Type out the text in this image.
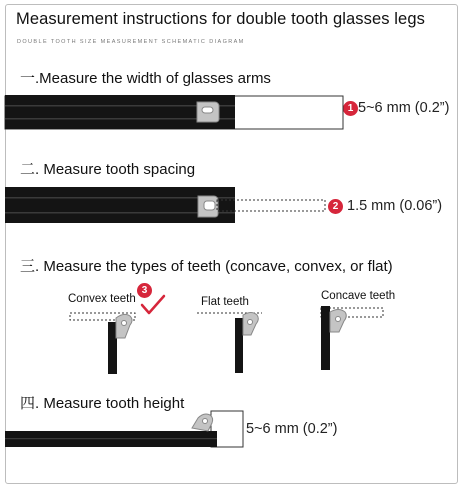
Measurement instructions for double tooth glasses legs
DOUBLE TOOTH SIZE MEASUREMENT SCHEMATIC DIAGRAM
一.Measure the width of glasses arms
1 5~6 mm (0.2”)
二. Measure tooth spacing
2 1.5 mm (0.06”)
三. Measure the types of teeth (concave, convex, or flat)
3
Convex teeth	Flat teeth	Concave teeth
四. Measure tooth height
5~6 mm (0.2”)
